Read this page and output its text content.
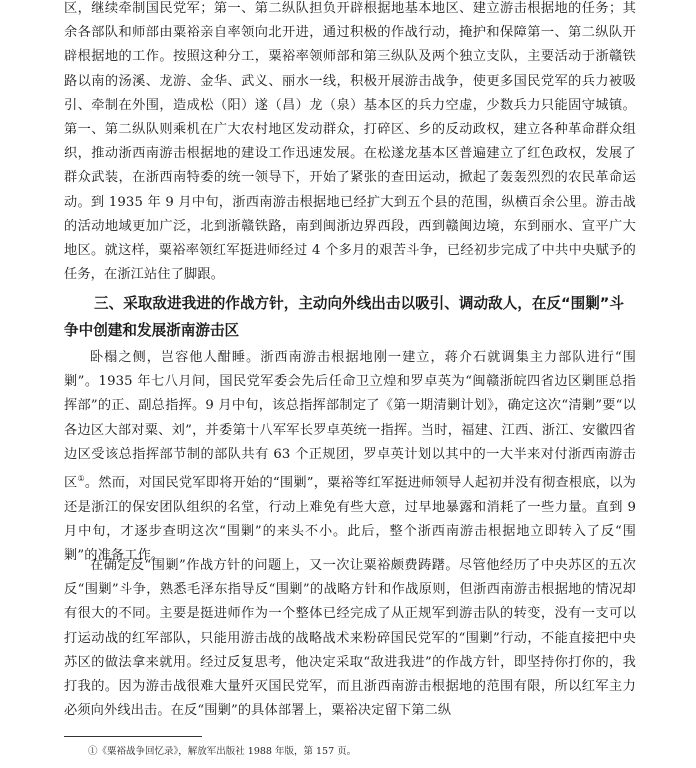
区，继续牵制国民党军；第一、第二纵队担负开辟根据地基本地区、建立游击根据地的任务；其余各部队和师部由粟裕亲自率领向北开进，通过积极的作战行动，掩护和保障第一、第二纵队开辟根据地的工作。按照这种分工，粟裕率领师部和第三纵队及两个独立支队，主要活动于浙赣铁路以南的汤溪、龙游、金华、武义、丽水一线，积极开展游击战争，使更多国民党军的兵力被吸引、牵制在外围，造成松（阳）遂（昌）龙（泉）基本区的兵力空虚，少数兵力只能固守城镇。第一、第二纵队则乘机在广大农村地区发动群众，打碎区、乡的反动政权，建立各种革命群众组织，推动浙西南游击根据地的建设工作迅速发展。在松遂龙基本区普遍建立了红色政权，发展了群众武装，在浙西南特委的统一领导下，开始了紧张的查田运动，掀起了轰轰烈烈的农民革命运动。到 1935 年 9 月中旬，浙西南游击根据地已经扩大到五个县的范围，纵横百余公里。游击战的活动地域更加广泛，北到浙赣铁路，南到闽浙边界西段，西到赣闽边境，东到丽水、宣平广大地区。就这样，粟裕率领红军挺进师经过 4 个多月的艰苦斗争，已经初步完成了中共中央赋予的任务，在浙江站住了脚跟。

三、采取敌进我进的作战方针，主动向外线出击以吸引、调动敌人，在反“围剿”斗争中创建和发展浙南游击区

卧榻之侧，岂容他人酣睡。浙西南游击根据地刚一建立，蒋介石就调集主力部队进行“围剿”。1935 年七八月间，国民党军委会先后任命卫立煌和罗卓英为“闽赣浙皖四省边区剿匪总指挥部”的正、副总指挥。9 月中旬，该总指挥部制定了《第一期清剿计划》，确定这次“清剿”要“以各边区大部对粟、刘”，并委第十八军军长罗卓英统一指挥。当时，福建、江西、浙江、安徽四省边区受该总指挥部节制的部队共有 63 个正规团，罗卓英计划以其中的一大半来对付浙西南游击区①。然而，对国民党军即将开始的“围剿”，粟裕等红军挺进师领导人起初并没有彻查根底，以为还是浙江的保安团队组织的名堂，行动上难免有些大意，过早地暴露和消耗了一些力量。直到 9 月中旬，才逐步查明这次“围剿”的来头不小。此后，整个浙西南游击根据地立即转入了反“围剿”的准备工作。

在确定反“围剿”作战方针的问题上，又一次让粟裕颇费踌躇。尽管他经历了中央苏区的五次反“围剿”斗争，熟悉毛泽东指导反“围剿”的战略方针和作战原则，但浙西南游击根据地的情况却有很大的不同。主要是挺进师作为一个整体已经完成了从正规军到游击队的转变，没有一支可以打运动战的红军部队，只能用游击战的战略战术来粉碎国民党军的“围剿”行动，不能直接把中央苏区的做法拿来就用。经过反复思考，他决定采取“敌进我进”的作战方针，即坚持你打你的，我打我的。因为游击战很难大量歼灭国民党军，而且浙西南游击根据地的范围有限，所以红军主力必须向外线出击。在反“围剿”的具体部署上，粟裕决定留下第二纵

①《粟裕战争回忆录》，解放军出版社 1988 年版，第 157 页。
